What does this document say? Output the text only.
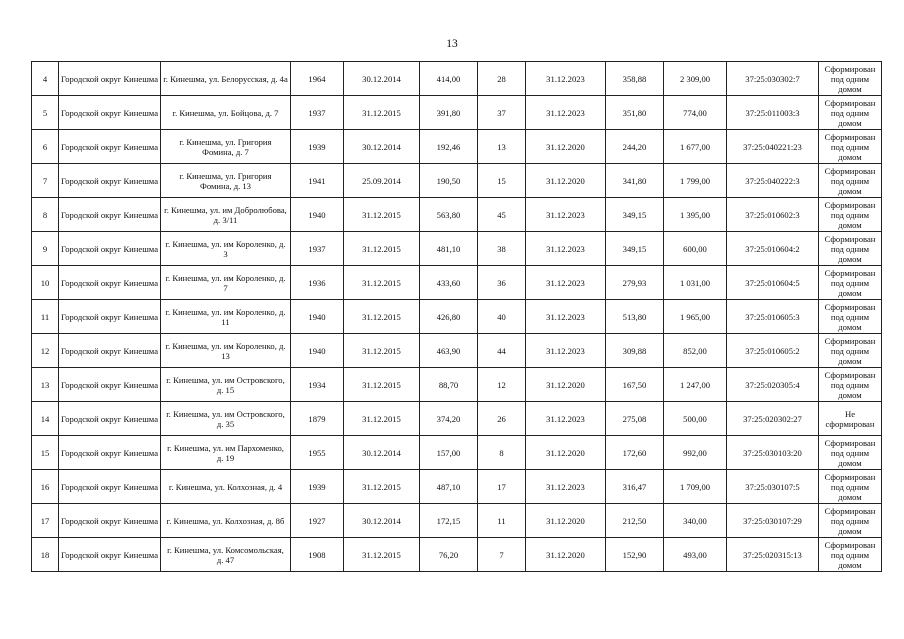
13
4	Городской округ Кинешма	г. Кинешма, ул. Белорусская, д. 4а	1964	30.12.2014	414,00	28	31.12.2023	358,88	2 309,00	37:25:030302:7	Сформирован под одним домом
5	Городской округ Кинешма	г. Кинешма, ул. Бойцова, д. 7	1937	31.12.2015	391,80	37	31.12.2023	351,80	774,00	37:25:011003:3	Сформирован под одним домом
6	Городской округ Кинешма	г. Кинешма, ул. Григория Фомина, д. 7	1939	30.12.2014	192,46	13	31.12.2020	244,20	1 677,00	37:25:040221:23	Сформирован под одним домом
7	Городской округ Кинешма	г. Кинешма, ул. Григория Фомина, д. 13	1941	25.09.2014	190,50	15	31.12.2020	341,80	1 799,00	37:25:040222:3	Сформирован под одним домом
8	Городской округ Кинешма	г. Кинешма, ул. им Добролюбова, д. 3/11	1940	31.12.2015	563,80	45	31.12.2023	349,15	1 395,00	37:25:010602:3	Сформирован под одним домом
9	Городской округ Кинешма	г. Кинешма, ул. им Короленко, д. 3	1937	31.12.2015	481,10	38	31.12.2023	349,15	600,00	37:25:010604:2	Сформирован под одним домом
10	Городской округ Кинешма	г. Кинешма, ул. им Короленко, д. 7	1936	31.12.2015	433,60	36	31.12.2023	279,93	1 031,00	37:25:010604:5	Сформирован под одним домом
11	Городской округ Кинешма	г. Кинешма, ул. им Короленко, д. 11	1940	31.12.2015	426,80	40	31.12.2023	513,80	1 965,00	37:25:010605:3	Сформирован под одним домом
12	Городской округ Кинешма	г. Кинешма, ул. им Короленко, д. 13	1940	31.12.2015	463,90	44	31.12.2023	309,88	852,00	37:25:010605:2	Сформирован под одним домом
13	Городской округ Кинешма	г. Кинешма, ул. им Островского, д. 15	1934	31.12.2015	88,70	12	31.12.2020	167,50	1 247,00	37:25:020305:4	Сформирован под одним домом
14	Городской округ Кинешма	г. Кинешма, ул. им Островского, д. 35	1879	31.12.2015	374,20	26	31.12.2023	275,08	500,00	37:25:020302:27	Не сформирован
15	Городской округ Кинешма	г. Кинешма, ул. им Пархоменко, д. 19	1955	30.12.2014	157,00	8	31.12.2020	172,60	992,00	37:25:030103:20	Сформирован под одним домом
16	Городской округ Кинешма	г. Кинешма, ул. Колхозная, д. 4	1939	31.12.2015	487,10	17	31.12.2023	316,47	1 709,00	37:25:030107:5	Сформирован под одним домом
17	Городской округ Кинешма	г. Кинешма, ул. Колхозная, д. 8б	1927	30.12.2014	172,15	11	31.12.2020	212,50	340,00	37:25:030107:29	Сформирован под одним домом
18	Городской округ Кинешма	г. Кинешма, ул. Комсомольская, д. 47	1908	31.12.2015	76,20	7	31.12.2020	152,90	493,00	37:25:020315:13	Сформирован под одним домом
